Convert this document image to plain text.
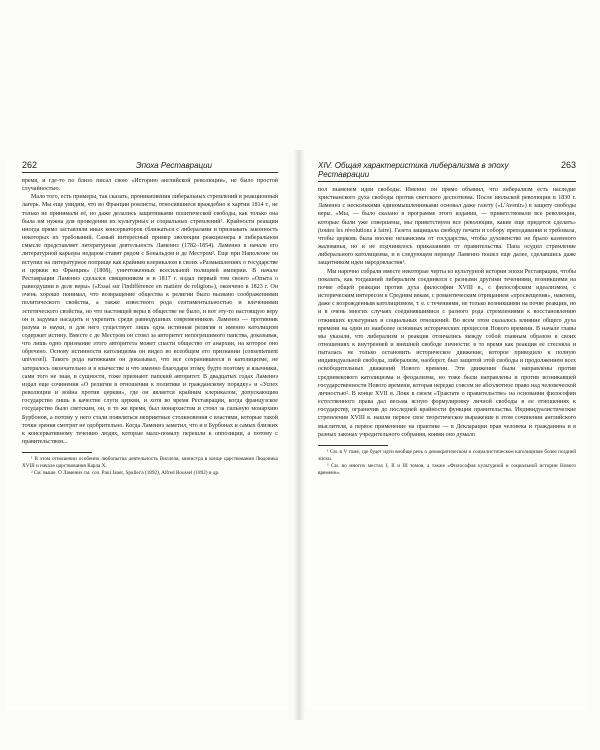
262	Эпоха Реставрации

время, и где-то по близо писал свою «Историю английской революции», не было простой случайностью.

Мало того, есть примеры, так сказать, проникновения либеральных стремлений в реакционный лагерь. Мы еще увидим, что во Франции роялисты, относившиеся враждебно к хартии 1814 г., не только не принимали её, но даже делались защитниками политической свободы, как только она была им нужна для проведения их культурных и социальных стремлений¹. Крайности реакции иногда прямо заставляли иных консерваторов сближаться с либералами и признавать законность некоторых их требований. Самый интересный пример эволюции реакционера в либеральном смысле представляет литературная деятельность Ламеннэ (1782–1854). Ламеннэ в начале его литературной карьеры недаром ставят рядом с Бональдом и де Местром². Еще при Наполеоне он вступил на литературное поприще как крайним клерикалом в своих «Размышлениях о государстве и церкви во Франции» (1808), уничтоженных всесильной полицией империи. В начале Реставрации Ламеннэ сделался священником и в 1817 г. издал первый том своего «Опыта о равнодушии в деле веры» («Essai sur l'indifférence en matière de religion»), окончено в 1823 г. Он очень хорошо понимал, что возвращение общества к религии было вызвано соображениями политического свойства, а также известного рода сентиментальностью и влечениями эстетического свойства, но что настоящей веры в обществе не было, и вот эту-то настоящую веру он и задумал насадить и укрепить среди равнодушных современников. Ламеннэ — противник разума и науки, и для него существует лишь одна истинная религия и именно католицизм содержит истину. Вместе с де Местром он стоял за авторитет непогрешимого папства, доказывая, что лишь одно признание этого авторитета может спасти общество от анархии, на которое оно обречено. Основу истинности католицизма он видел во всеобщем его признании (consentement universel). Такого рода натяжками он доказывал, что все сохранившееся в католицизме, не затерялось окончательно и в язычестве и что именно благодаря этому, будто поэтому и язычники, сами того не зная, в сущности, тоже признают папский авторитет. В двадцатых годах Ламеннэ издал еще сочинения «О религии в отношении к политике и гражданскому порядку» и «Успех революции и война против церкви», где он является крайним клерикалом, допускающим государство лишь в качестве слуги церкви, и хотя во время Реставрации, когда французское государство было светским, он, в то же время, был монархистом и стоял за сильную монархию Бурбонов, а потому у него стали появляться неприятные столкновения с властями, которые такой точки зрения смотрят не одобрительно. Когда Ламеннэ заметил, что и в Бурбонах и самых близких к консервативному течению людях, которые мало-помалу перешли к оппозиции, а потому с правительством...

¹ В этом отношении особенно любопытна деятельность Виллеля, министра в конце царствования Людовика XVIII и начале царствования Карла X.

² См. выше. О Ламеннэ см. соч. Paul Janet, Spuller'a (1892), Alfred Roussel (1892) и др.

XIV. Общая характеристика либерализма в эпоху Реставрации
263

пол знаменем идеи свободы. Именно он прямо объявил, что либерализм есть наследие христианского духа свободы против светского деспотизма. После июльской революции в 1830 г. Ламеннэ с несколькими единомышленниками основал даже газету («L'Avenir») в защиту свободы веры. «Мы, — было сказано в программе этого издания, — приветствовали все революции, которые были уже совершены, мы приветствуем все революции, какие еще придется сделать» (toutes les révolutions à faire). Газета защищала свободу печати и собору преподавания и требовала, чтобы церковь была вполне независима от государства, чтобы духовенство не брало казенного жалованья, но и не подчинялось приказаниям от правительства. Папа осудил стремление либерального католицизма, и в следующем периоде Ламеннэ пошел еще далее, сделавшись даже защитником идеи народовластия¹.

Мы нарочно собрали вместе некоторые черты из культурной истории эпохи Реставрации, чтобы показать, как тогдашний либерализм соединялся с разными другими течениями, возникшими на почве общей реакции против духа философии XVIII в., с философским идеализмом, с историческим интересом к Средним векам, с романтическим отрицанием «просвещения», наконец, даже с возрожденным католицизмом, т. е. с течениями, не только возникшими на почве реакции, но и в очень многих случаях соединявшимися с разного рода стремлениями к восстановлению отживших культурных и социальных отношений. Во всем этом сказалось влияние общего духа времени на одни из наиболее основных исторических процессов Нового времени. В начале главы мы указали, что либерализм и реакция отличались между собой главным образом в своих отношениях к внутренней и внешней свободе личности: в то время как реакция ее стесняла и пыталась не только остановить историческое движение, которое приводило к полную индивидуальной свободы, либерализм, наоборот, был защитой этой свободы и продолжением всех освободительных движений Нового времени. Эти движения были направлены против средневекового католицизма и феодализма, но тоже были направлены и против возникавшей государственности Нового времени, которая нередко совсем не абсолютное право над человеческой личностью². В конце XVII в. Локк в своем «Трактате о правительстве» на основании философии естественного права дал весьма ясную формулировку личной свободы в ее отношениях к государству, ограничив до последней крайности функции правительства. Индивидуалистические стремления XVIII в. нашли первое свое теоретическое выражение в этом сочинении английского мыслителя, а первое применение на практике — в Декларации прав человека и гражданина и в разных законах учредительного собрания, коими оно думало

¹ См. в V томе, где будет идти вообще речь о демократическом и социалистическом католицизме более поздней эпохи.

² См. во многих местах I, II и III томов, а также «Философия культурной и социальной истории Нового времени».
